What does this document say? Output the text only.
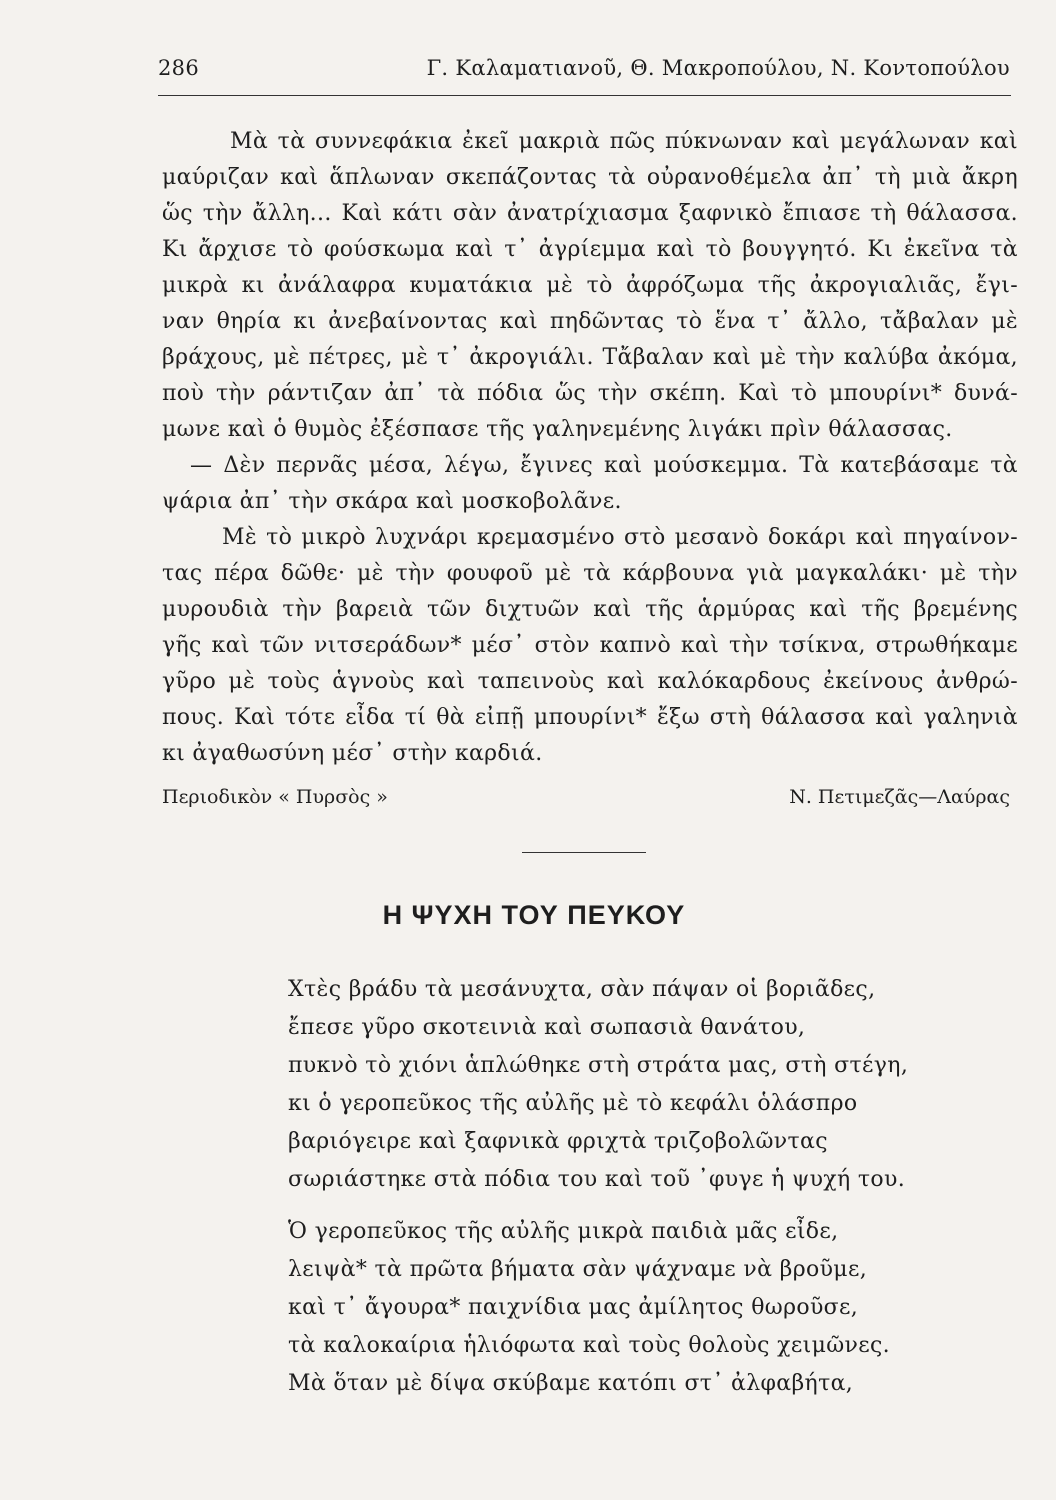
286	Γ. Καλαματιανοῦ, Θ. Μακροπούλου, Ν. Κοντοπούλου
Μὰ τὰ συννεφάκια ἐκεῖ μακριὰ πῶς πύκνωναν καὶ μεγάλωναν καὶ
μαύριζαν καὶ ἅπλωναν σκεπάζοντας τὰ οὐρανοθέμελα ἀπ᾽ τὴ μιὰ ἄκρη
ὥς τὴν ἄλλη... Καὶ κάτι σὰν ἀνατρίχιασμα ξαφνικὸ ἔπιασε τὴ θάλασσα.
Κι ἄρχισε τὸ φούσκωμα καὶ τ᾽ ἀγρίεμμα καὶ τὸ βουγγητό. Κι ἐκεῖνα τὰ
μικρὰ κι ἀνάλαφρα κυματάκια μὲ τὸ ἀφρόζωμα τῆς ἀκρογιαλιᾶς, ἔγι-
ναν θηρία κι ἀνεβαίνοντας καὶ πηδῶντας τὸ ἕνα τ᾽ ἄλλο, τἄβαλαν μὲ
βράχους, μὲ πέτρες, μὲ τ᾽ ἀκρογιάλι. Τἄβαλαν καὶ μὲ τὴν καλύβα ἀκόμα,
ποὺ τὴν ράντιζαν ἀπ᾽ τὰ πόδια ὥς τὴν σκέπη. Καὶ τὸ μπουρίνι* δυνά-
μωνε καὶ ὁ θυμὸς ἐξέσπασε τῆς γαληνεμένης λιγάκι πρὶν θάλασσας.
— Δὲν περνᾶς μέσα, λέγω, ἔγινες καὶ μούσκεμμα. Τὰ κατεβάσαμε τὰ
ψάρια ἀπ᾽ τὴν σκάρα καὶ μοσκοβολᾶνε.
Μὲ τὸ μικρὸ λυχνάρι κρεμασμένο στὸ μεσανὸ δοκάρι καὶ πηγαίνον-
τας πέρα δῶθε· μὲ τὴν φουφοῦ μὲ τὰ κάρβουνα γιὰ μαγκαλάκι· μὲ τὴν
μυρουδιὰ τὴν βαρειὰ τῶν διχτυῶν καὶ τῆς ἁρμύρας καὶ τῆς βρεμένης
γῆς καὶ τῶν νιτσεράδων* μέσ᾽ στὸν καπνὸ καὶ τὴν τσίκνα, στρωθήκαμε
γῦρο μὲ τοὺς ἁγνοὺς καὶ ταπεινοὺς καὶ καλόκαρδους ἐκείνους ἀνθρώ-
πους. Καὶ τότε εἶδα τί θὰ εἰπῇ μπουρίνι* ἔξω στὴ θάλασσα καὶ γαληνιὰ
κι ἀγαθωσύνη μέσ᾽ στὴν καρδιά.
Περιοδικὸν « Πυρσὸς »	Ν. Πετιμεζᾶς—Λαύρας
Η ΨΥΧΗ ΤΟΥ ΠΕΥΚΟΥ
Χτὲς βράδυ τὰ μεσάνυχτα, σὰν πάψαν οἱ βοριᾶδες,
ἔπεσε γῦρο σκοτεινιὰ καὶ σωπασιὰ θανάτου,
πυκνὸ τὸ χιόνι ἁπλώθηκε στὴ στράτα μας, στὴ στέγη,
κι ὁ γεροπεῦκος τῆς αὐλῆς μὲ τὸ κεφάλι ὁλάσπρο
βαριόγειρε καὶ ξαφνικὰ φριχτὰ τριζοβολῶντας
σωριάστηκε στὰ πόδια του καὶ τοῦ ᾽φυγε ἡ ψυχή του.
Ὁ γεροπεῦκος τῆς αὐλῆς μικρὰ παιδιὰ μᾶς εἶδε,
λειψὰ* τὰ πρῶτα βήματα σὰν ψάχναμε νὰ βροῦμε,
καὶ τ᾽ ἄγουρα* παιχνίδια μας ἀμίλητος θωροῦσε,
τὰ καλοκαίρια ἡλιόφωτα καὶ τοὺς θολοὺς χειμῶνες.
Μὰ ὅταν μὲ δίψα σκύβαμε κατόπι στ᾽ ἀλφαβήτα,
